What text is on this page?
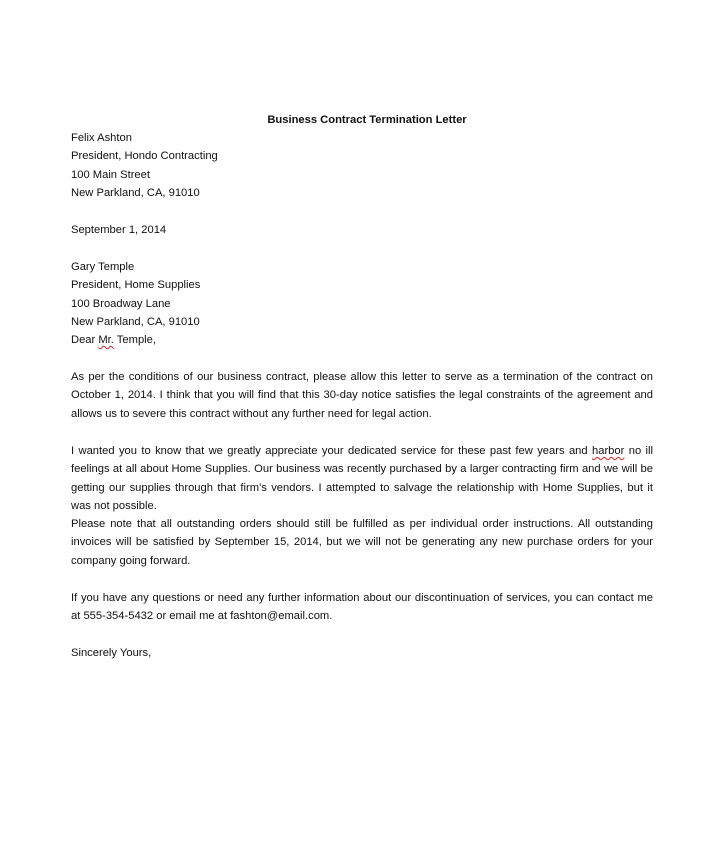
Business Contract Termination Letter
Felix Ashton
President, Hondo Contracting
100 Main Street
New Parkland, CA, 91010
September 1, 2014
Gary Temple
President, Home Supplies
100 Broadway Lane
New Parkland, CA, 91010
Dear Mr. Temple,
As per the conditions of our business contract, please allow this letter to serve as a termination of the contract on October 1, 2014. I think that you will find that this 30-day notice satisfies the legal constraints of the agreement and allows us to severe this contract without any further need for legal action.
I wanted you to know that we greatly appreciate your dedicated service for these past few years and harbor no ill feelings at all about Home Supplies. Our business was recently purchased by a larger contracting firm and we will be getting our supplies through that firm's vendors. I attempted to salvage the relationship with Home Supplies, but it was not possible.
Please note that all outstanding orders should still be fulfilled as per individual order instructions. All outstanding invoices will be satisfied by September 15, 2014, but we will not be generating any new purchase orders for your company going forward.
If you have any questions or need any further information about our discontinuation of services, you can contact me at 555-354-5432 or email me at fashton@email.com.
Sincerely Yours,
